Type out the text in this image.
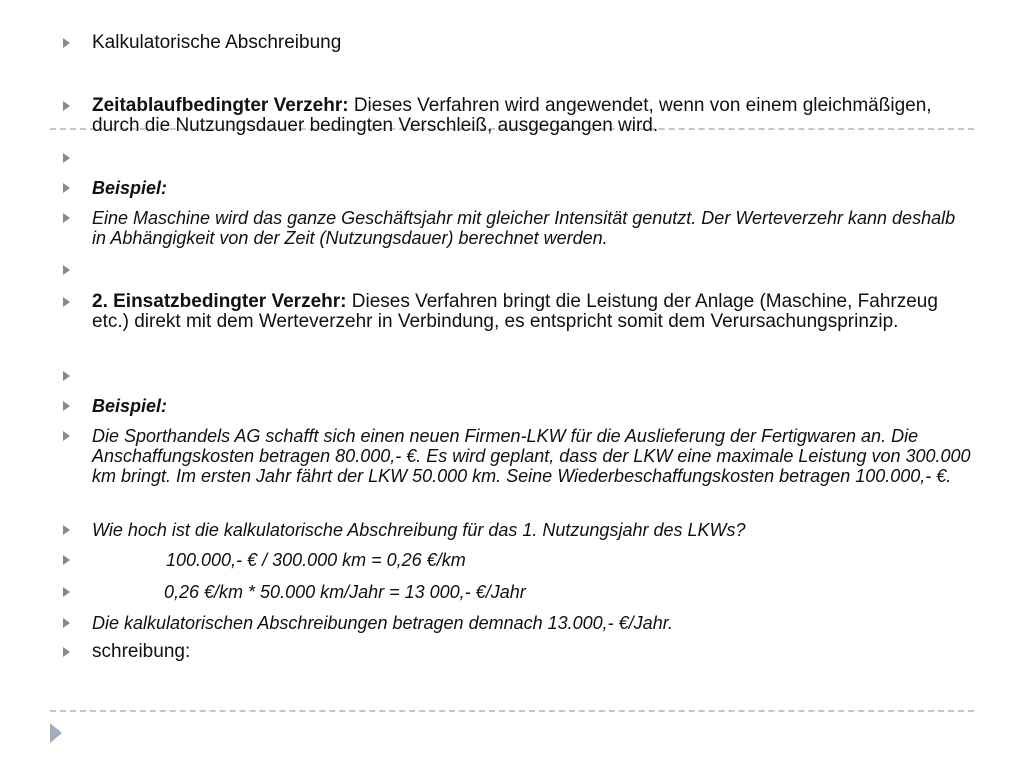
Kalkulatorische Abschreibung
Zeitablaufbedingter Verzehr: Dieses Verfahren wird angewendet, wenn von einem gleichmäßigen, durch die Nutzungsdauer bedingten Verschleiß, ausgegangen wird.
Beispiel:
Eine Maschine wird das ganze Geschäftsjahr mit gleicher Intensität genutzt. Der Werteverzehr kann deshalb in Abhängigkeit von der Zeit (Nutzungsdauer) berechnet werden.
2. Einsatzbedingter Verzehr: Dieses Verfahren bringt die Leistung der Anlage (Maschine, Fahrzeug etc.) direkt mit dem Werteverzehr in Verbindung, es entspricht somit dem Verursachungsprinzip.
Beispiel:
Die Sporthandels AG schafft sich einen neuen Firmen-LKW für die Auslieferung der Fertigwaren an. Die Anschaffungskosten betragen 80.000,- €. Es wird geplant, dass der LKW eine maximale Leistung von 300.000 km bringt. Im ersten Jahr fährt der LKW 50.000 km. Seine Wiederbeschaffungskosten betragen 100.000,- €.
Wie hoch ist die kalkulatorische Abschreibung für das 1. Nutzungsjahr des LKWs?
100.000,- € / 300.000 km = 0,26 €/km
0,26 €/km * 50.000 km/Jahr = 13 000,- €/Jahr
Die kalkulatorischen Abschreibungen betragen demnach 13.000,- €/Jahr.
schreibung:
